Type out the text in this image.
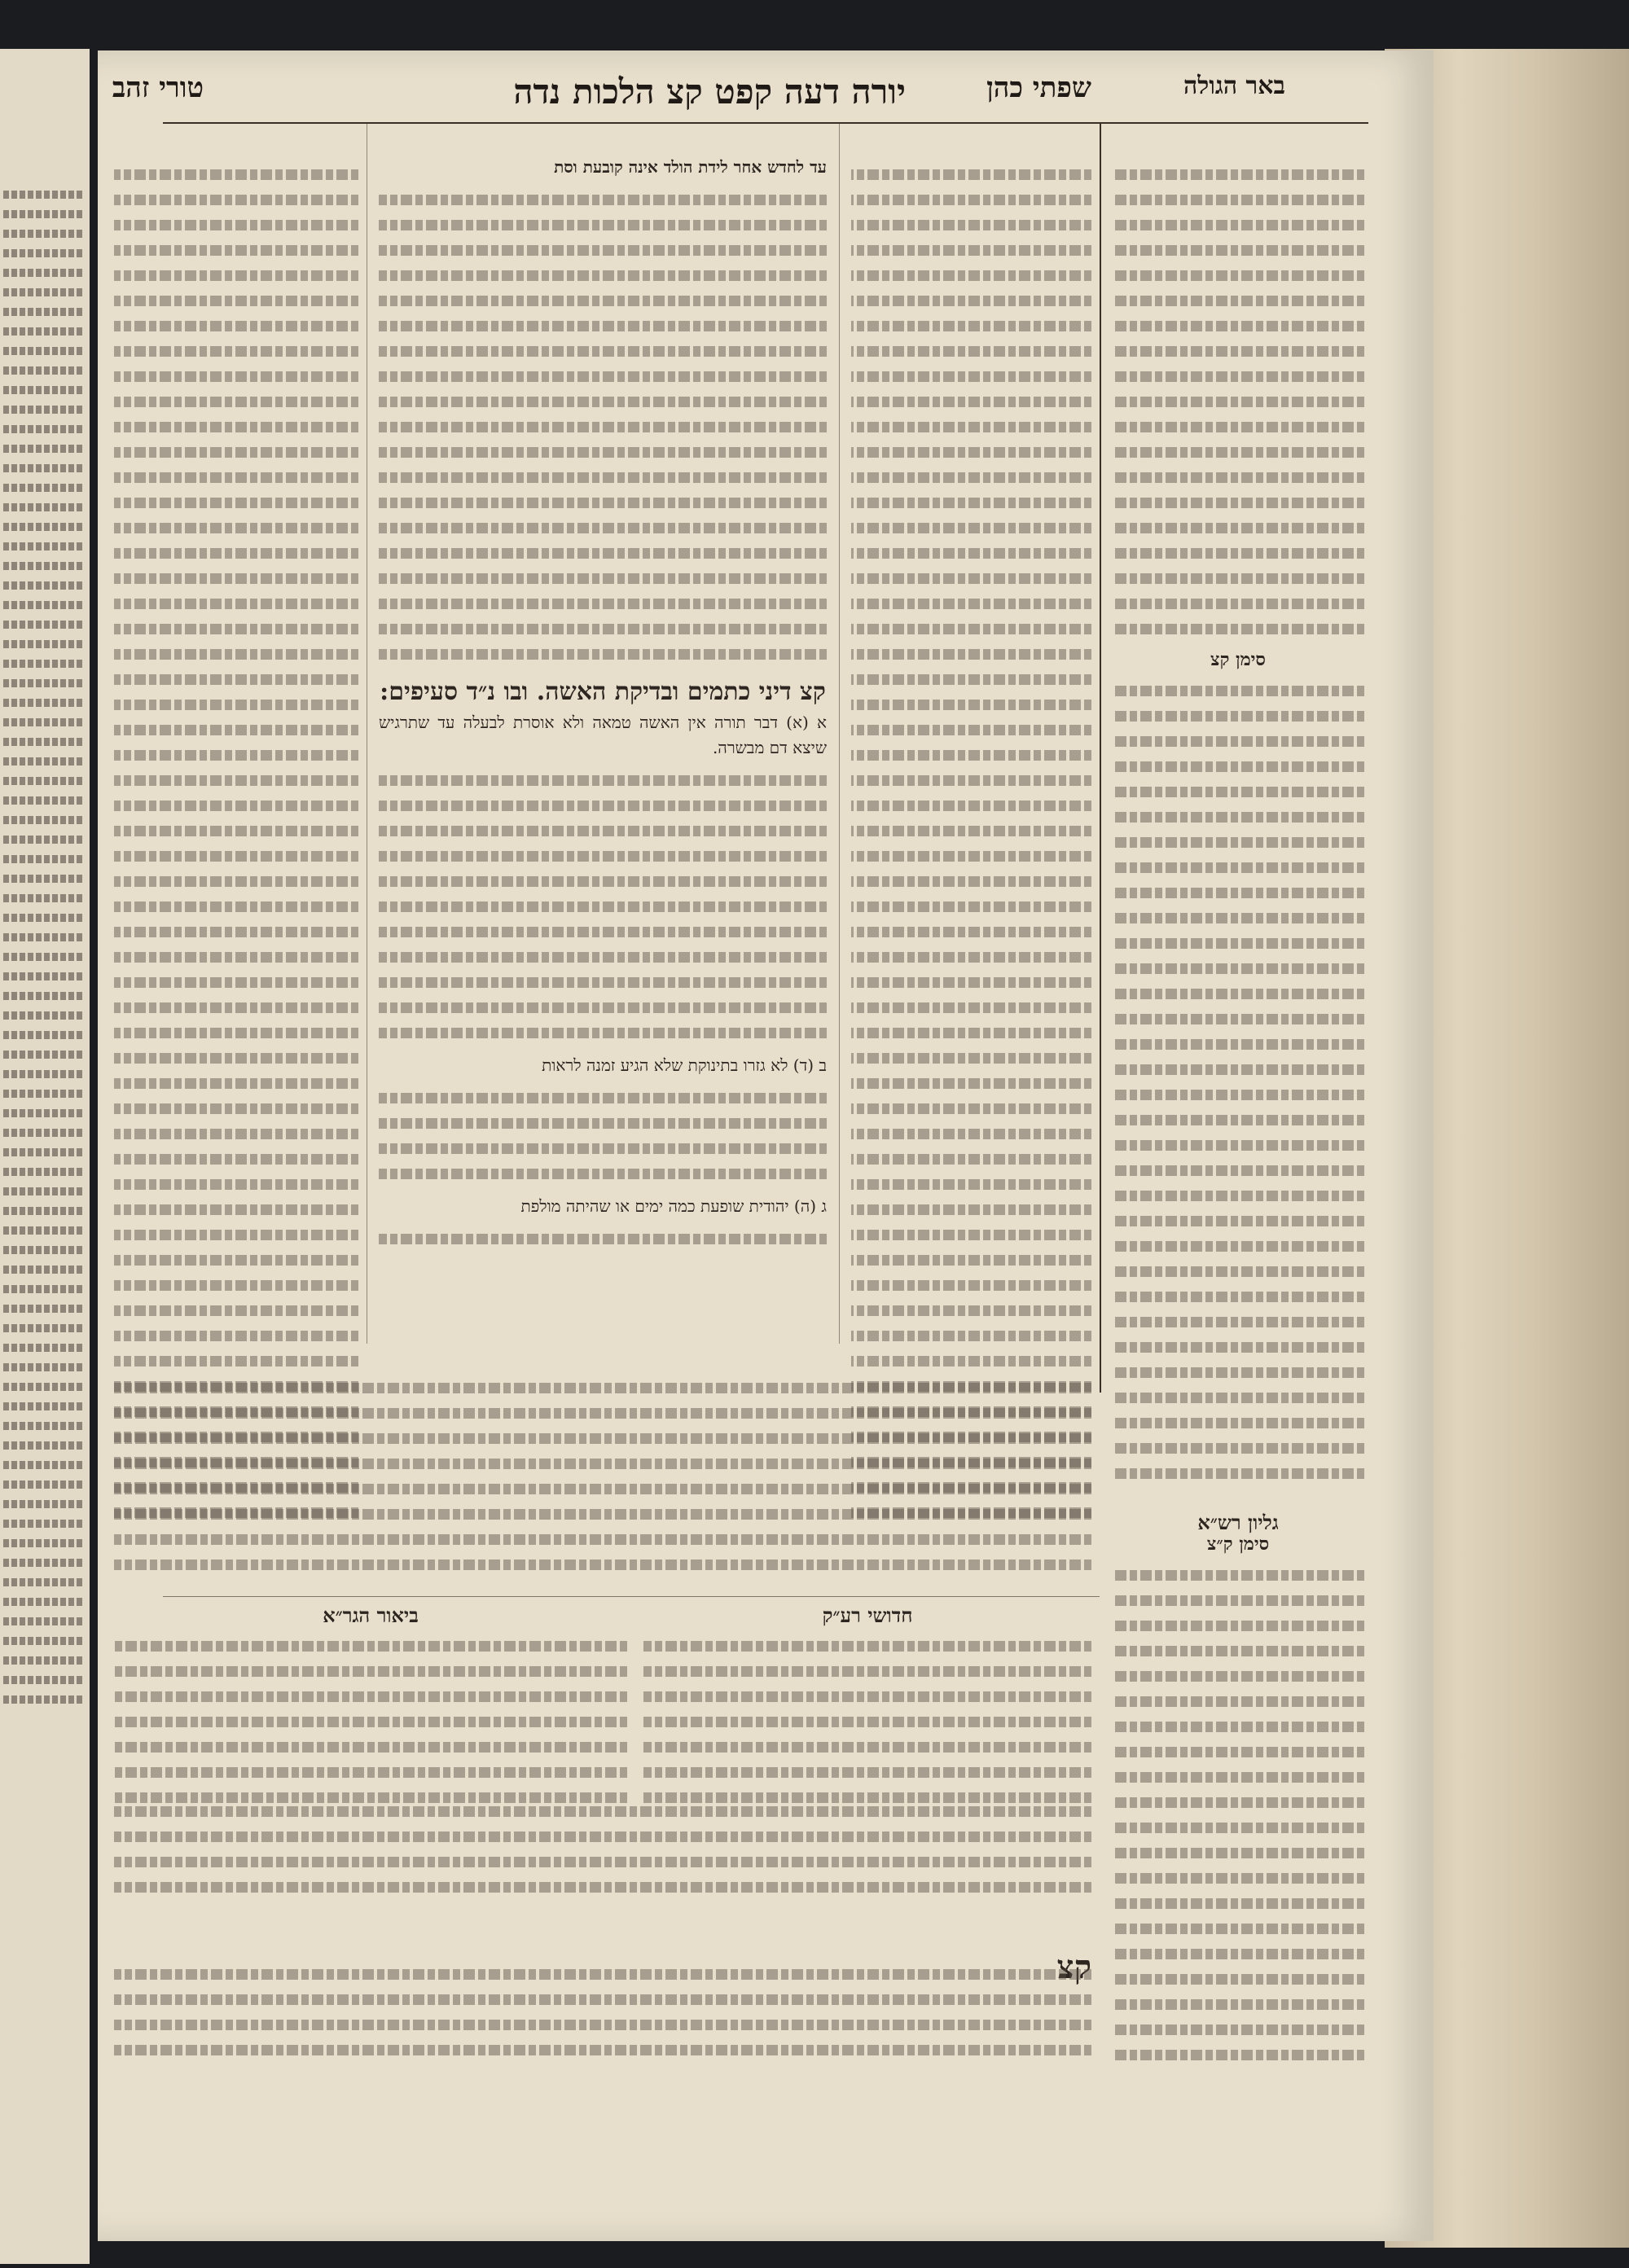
באר הגולה
שפתי כהן
יורה דעה קפט קצ הלכות נדה
טורי זהב

סימן קצ

גליון רש״א

סימן ק״צ

עד לחדש אחר לידת הולד אינה קובעת וסת

קצ דיני כתמים ובדיקת האשה. ובו נ״ד סעיפים:

א (א) דבר תורה אין האשה טמאה ולא אוסרת לבעלה עד שתרגיש שיצא דם מבשרה.

ב (ד) לא גזרו בתינוקת שלא הגיע זמנה לראות

ג (ה) יהודית שופעת כמה ימים או שהיתה מולפת

חדושי רע״ק

ביאור הגר״א

קצ
